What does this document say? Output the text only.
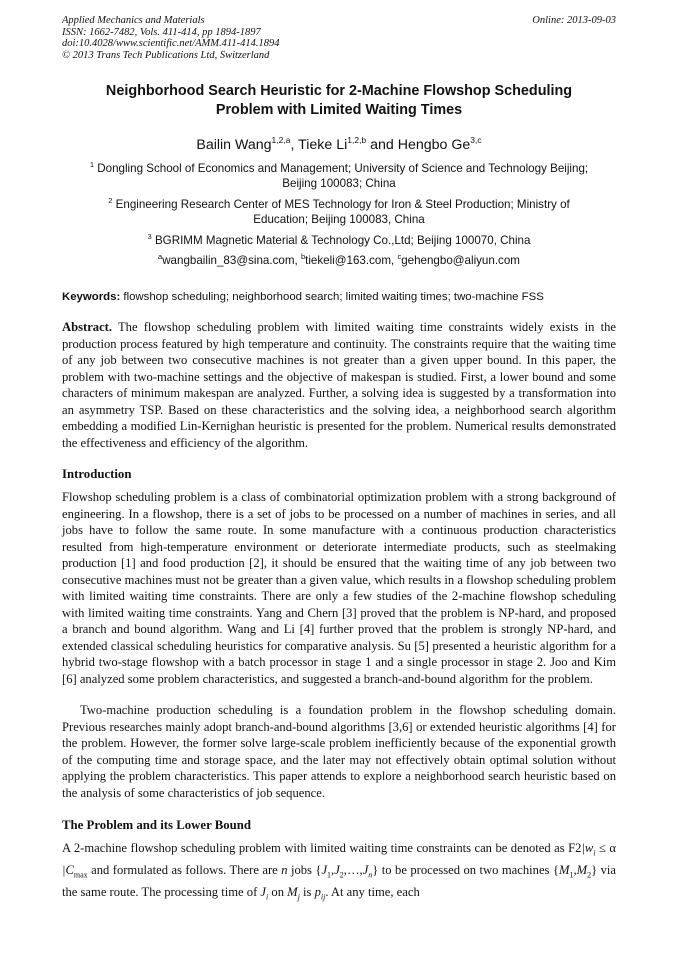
Applied Mechanics and Materials
ISSN: 1662-7482, Vols. 411-414, pp 1894-1897
doi:10.4028/www.scientific.net/AMM.411-414.1894
© 2013 Trans Tech Publications Ltd, Switzerland
Online: 2013-09-03
Neighborhood Search Heuristic for 2-Machine Flowshop Scheduling
Problem with Limited Waiting Times
Bailin Wang$^{1,2,a}$, Tieke Li$^{1,2,b}$ and Hengbo Ge$^{3,c}$
$^1$ Dongling School of Economics and Management; University of Science and Technology Beijing;
Beijing 100083; China
$^2$ Engineering Research Center of MES Technology for Iron & Steel Production; Ministry of
Education; Beijing 100083, China
$^3$ BGRIMM Magnetic Material & Technology Co.,Ltd; Beijing 100070, China
$^a$wangbailin_83@sina.com, $^b$tiekeli@163.com, $^c$gehengbo@aliyun.com
Keywords: flowshop scheduling; neighborhood search; limited waiting times; two-machine FSS
Abstract. The flowshop scheduling problem with limited waiting time constraints widely exists in the production process featured by high temperature and continuity. The constraints require that the waiting time of any job between two consecutive machines is not greater than a given upper bound. In this paper, the problem with two-machine settings and the objective of makespan is studied. First, a lower bound and some characters of minimum makespan are analyzed. Further, a solving idea is suggested by a transformation into an asymmetry TSP. Based on these characteristics and the solving idea, a neighborhood search algorithm embedding a modified Lin-Kernighan heuristic is presented for the problem. Numerical results demonstrated the effectiveness and efficiency of the algorithm.
Introduction
Flowshop scheduling problem is a class of combinatorial optimization problem with a strong background of engineering. In a flowshop, there is a set of jobs to be processed on a number of machines in series, and all jobs have to follow the same route. In some manufacture with a continuous production characteristics resulted from high-temperature environment or deteriorate intermediate products, such as steelmaking production [1] and food production [2], it should be ensured that the waiting time of any job between two consecutive machines must not be greater than a given value, which results in a flowshop scheduling problem with limited waiting time constraints. There are only a few studies of the 2-machine flowshop scheduling with limited waiting time constraints. Yang and Chern [3] proved that the problem is NP-hard, and proposed a branch and bound algorithm. Wang and Li [4] further proved that the problem is strongly NP-hard, and extended classical scheduling heuristics for comparative analysis. Su [5] presented a heuristic algorithm for a hybrid two-stage flowshop with a batch processor in stage 1 and a single processor in stage 2. Joo and Kim [6] analyzed some problem characteristics, and suggested a branch-and-bound algorithm for the problem.
Two-machine production scheduling is a foundation problem in the flowshop scheduling domain. Previous researches mainly adopt branch-and-bound algorithms [3,6] or extended heuristic algorithms [4] for the problem. However, the former solve large-scale problem inefficiently because of the exponential growth of the computing time and storage space, and the later may not effectively obtain optimal solution without applying the problem characteristics. This paper attends to explore a neighborhood search heuristic based on the analysis of some characteristics of job sequence.
The Problem and its Lower Bound
A 2-machine flowshop scheduling problem with limited waiting time constraints can be denoted as $F2|w_i \le \alpha$ $|C_{max}$ and formulated as follows. There are n jobs $\{J_1,J_2,\dots,J_n\}$ to be processed on two machines $\{M_1,M_2\}$ via the same route. The processing time of $J_i$ on $M_j$ is $p_{ij}$. At any time, each
